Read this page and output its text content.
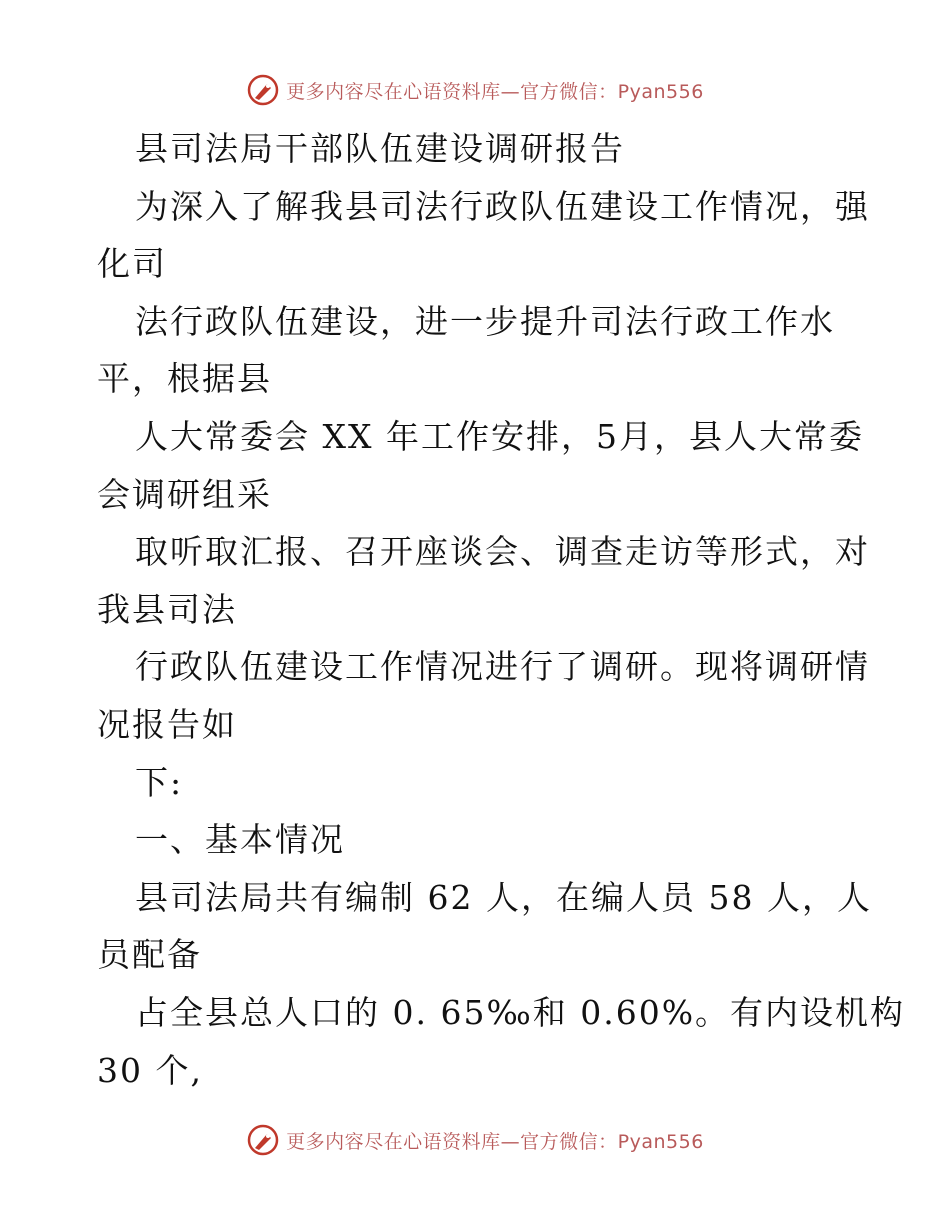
更多内容尽在心语资料库—官方微信：Pyan556
县司法局干部队伍建设调研报告
为深入了解我县司法行政队伍建设工作情况，强
化司
法行政队伍建设，进一步提升司法行政工作水
平，根据县
人大常委会 XX 年工作安排，5月，县人大常委
会调研组采
取听取汇报、召开座谈会、调查走访等形式，对
我县司法
行政队伍建设工作情况进行了调研。现将调研情
况报告如
下:
一、基本情况
县司法局共有编制 62 人，在编人员 58 人，人
员配备
占全县总人口的 0. 65‰和 0.60%。有内设机构
30 个,
更多内容尽在心语资料库—官方微信：Pyan556
